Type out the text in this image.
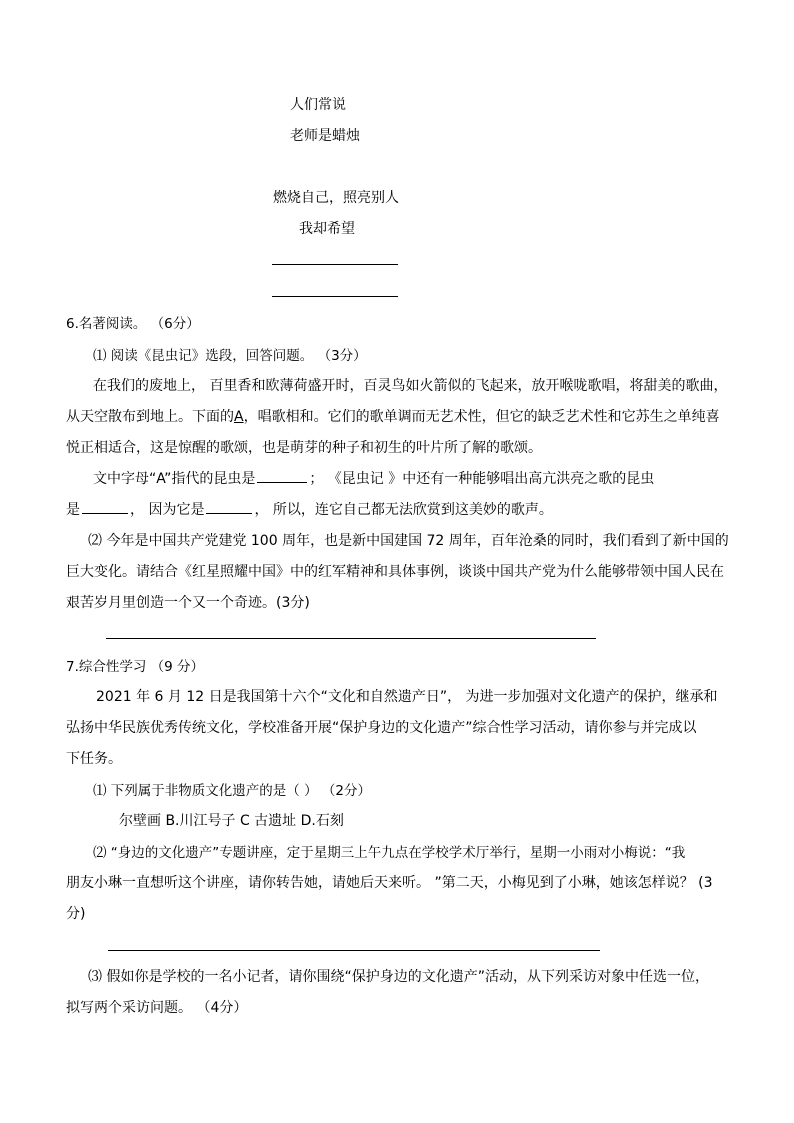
人们常说
老师是蜡烛
燃烧自己，照亮别人
我却希望
6.名著阅读。 （6分）
⑴ 阅读《昆虫记》选段，回答问题。 （3分）
在我们的废地上， 百里香和欧薄荷盛开时，百灵鸟如火箭似的飞起来，放开喉咙歌唱，将甜美的歌曲，
从天空散布到地上。下面的A，唱歌相和。它们的歌单调而无艺术性，但它的缺乏艺术性和它苏生之单纯喜
悦正相适合，这是惊醒的歌颂，也是萌芽的种子和初生的叶片所了解的歌颂。
文中字母“A”指代的昆虫是	； 《昆虫记 》中还有一种能够唱出高亢洪亮之歌的昆虫
是	， 因为它是	， 所以，连它自己都无法欣赏到这美妙的歌声。
⑵ 今年是中国共产党建党 100 周年，也是新中国建国 72 周年，百年沧桑的同时，我们看到了新中国的
巨大变化。请结合《红星照耀中国》中的红军精神和具体事例，谈谈中国共产党为什么能够带领中国人民在
艰苦岁月里创造一个又一个奇迹。(3分)
7.综合性学习 （9 分）
2021 年 6 月 12 日是我国第十六个“文化和自然遗产日”， 为进一步加强对文化遗产的保护，继承和
弘扬中华民族优秀传统文化，学校准备开展“保护身边的文化遗产”综合性学习活动，请你参与并完成以
下任务。
⑴ 下列属于非物质文化遗产的是（ ） （2分）
尔壁画 B.川江号子 C 古遗址 D.石刻
⑵ “身边的文化遗产”专题讲座，定于星期三上午九点在学校学术厅举行，星期一小雨对小梅说：“我
朋友小琳一直想听这个讲座，请你转告她，请她后天来听。 ”第二天，小梅见到了小琳，她该怎样说？ (3
分)
⑶ 假如你是学校的一名小记者，请你围绕“保护身边的文化遗产”活动，从下列采访对象中任选一位，
拟写两个采访问题。 （4分）
